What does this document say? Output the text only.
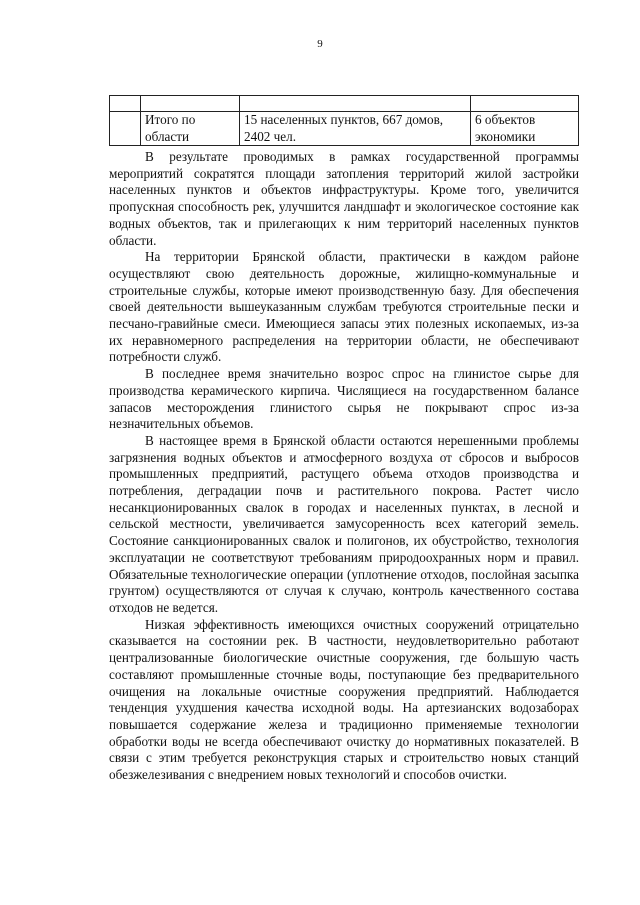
9

	Итого по области	15 населенных пунктов, 667 домов, 2402 чел.	6 объектов экономики

В результате проводимых в рамках государственной программы мероприятий сократятся площади затопления территорий жилой застройки населенных пунктов и объектов инфраструктуры. Кроме того, увеличится пропускная способность рек, улучшится ландшафт и экологическое состояние как водных объектов, так и прилегающих к ним территорий населенных пунктов области.

На территории Брянской области, практически в каждом районе осуществляют свою деятельность дорожные, жилищно-коммунальные и строительные службы, которые имеют производственную базу. Для обеспечения своей деятельности вышеуказанным службам требуются строительные пески и песчано-гравийные смеси. Имеющиеся запасы этих полезных ископаемых, из-за их неравномерного распределения на территории области, не обеспечивают потребности служб.

В последнее время значительно возрос спрос на глинистое сырье для производства керамического кирпича. Числящиеся на государственном балансе запасов месторождения глинистого сырья не покрывают спрос из-за незначительных объемов.

В настоящее время в Брянской области остаются нерешенными проблемы загрязнения водных объектов и атмосферного воздуха от сбросов и выбросов промышленных предприятий, растущего объема отходов производства и потребления, деградации почв и растительного покрова. Растет число несанкционированных свалок в городах и населенных пунктах, в лесной и сельской местности, увеличивается замусоренность всех категорий земель. Состояние санкционированных свалок и полигонов, их обустройство, технология эксплуатации не соответствуют требованиям природоохранных норм и правил. Обязательные технологические операции (уплотнение отходов, послойная засыпка грунтом) осуществляются от случая к случаю, контроль качественного состава отходов не ведется.

Низкая эффективность имеющихся очистных сооружений отрицательно сказывается на состоянии рек. В частности, неудовлетворительно работают централизованные биологические очистные сооружения, где большую часть составляют промышленные сточные воды, поступающие без предварительного очищения на локальные очистные сооружения предприятий. Наблюдается тенденция ухудшения качества исходной воды. На артезианских водозаборах повышается содержание железа и традиционно применяемые технологии обработки воды не всегда обеспечивают очистку до нормативных показателей. В связи с этим требуется реконструкция старых и строительство новых станций обезжелезивания с внедрением новых технологий и способов очистки.
